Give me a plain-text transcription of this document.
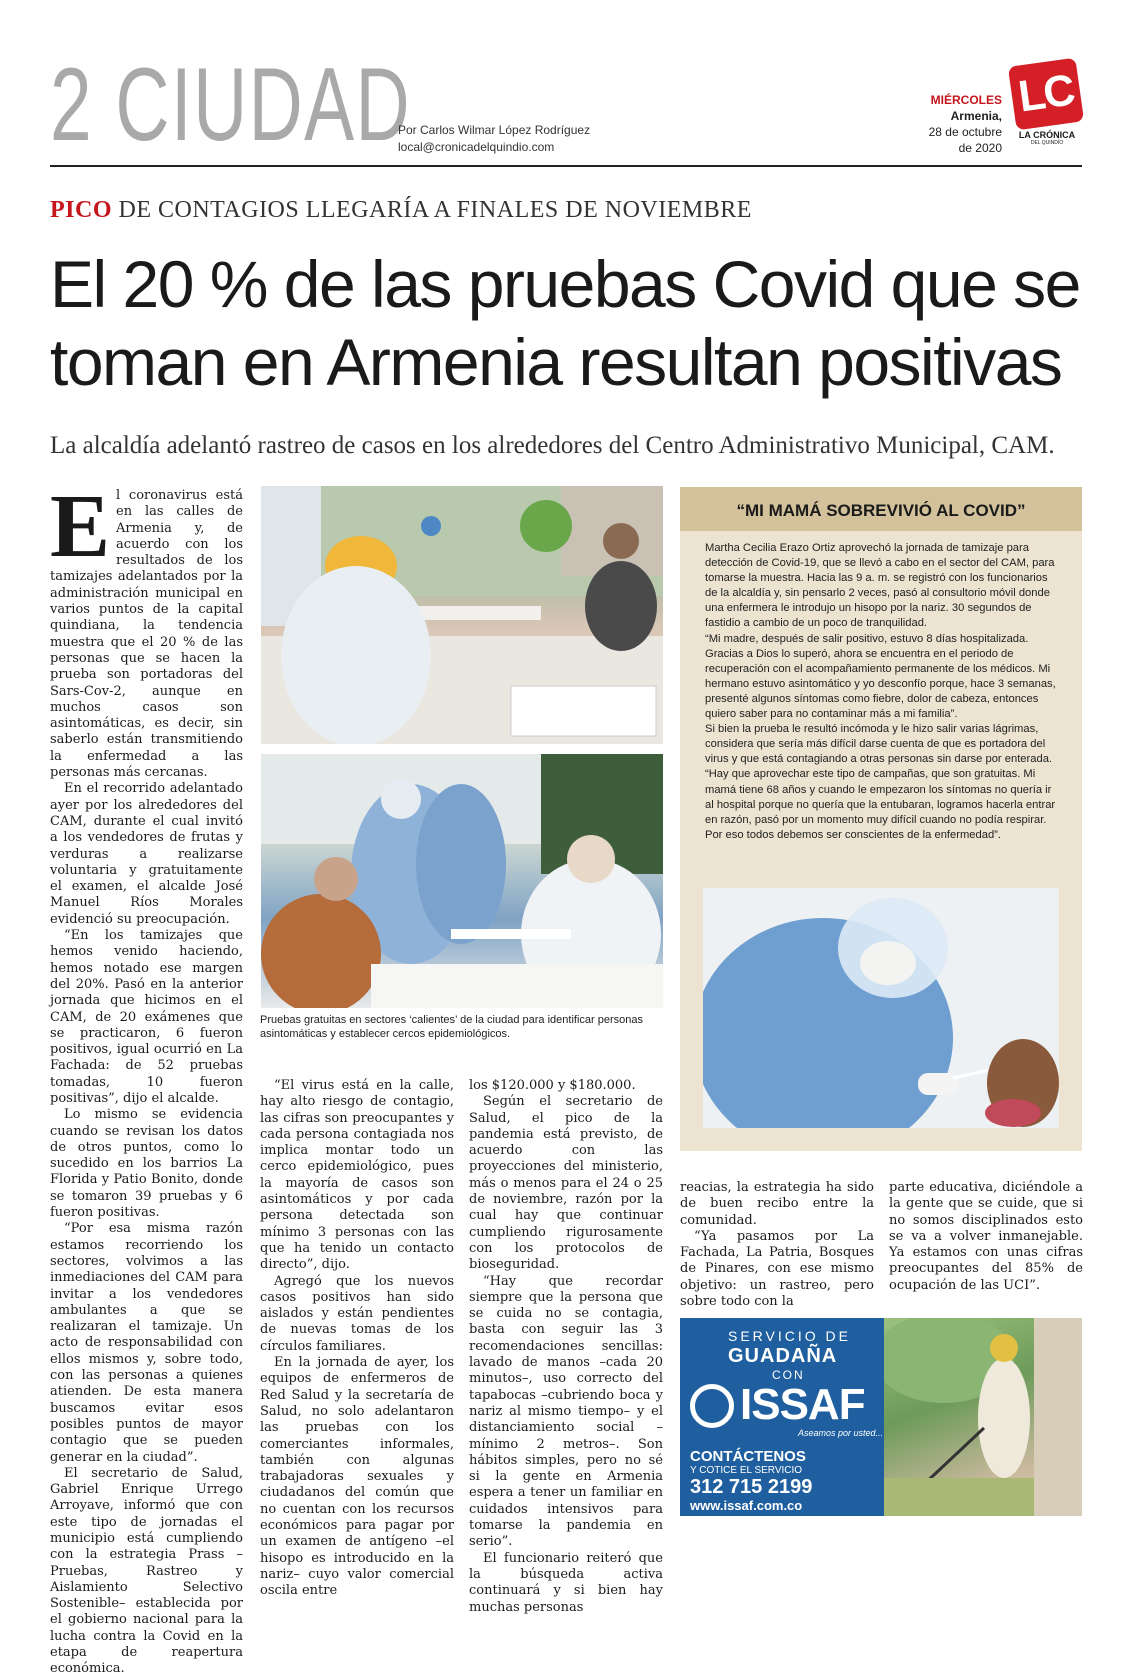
2 CIUDAD
Por Carlos Wilmar López Rodríguez
local@cronicadelquindio.com
MIÉRCOLES
Armenia,
28 de octubre
de 2020
LC
LA CRÓNICA
DEL QUINDÍO
PICO DE CONTAGIOS LLEGARÍA A FINALES DE NOVIEMBRE
El 20 % de las pruebas Covid que se
toman en Armenia resultan positivas
La alcaldía adelantó rastreo de casos en los alrededores del Centro Administrativo Municipal, CAM.
E l coronavirus está en las calles de Armenia y, de acuerdo con los resultados de los tamizajes adelantados por la administración municipal en varios puntos de la capital quindiana, la tendencia muestra que el 20 % de las personas que se hacen la prueba son portadoras del Sars-Cov-2, aunque en muchos casos son asintomáticas, es decir, sin saberlo están transmitiendo la enfermedad a las personas más cercanas.

En el recorrido adelantado ayer por los alrededores del CAM, durante el cual invitó a los vendedores de frutas y verduras a realizarse voluntaria y gratuitamente el examen, el alcalde José Manuel Ríos Morales evidenció su preocupación.

“En los tamizajes que hemos venido haciendo, hemos notado ese margen del 20%. Pasó en la anterior jornada que hicimos en el CAM, de 20 exámenes que se practicaron, 6 fueron positivos, igual ocurrió en La Fachada: de 52 pruebas tomadas, 10 fueron positivas”, dijo el alcalde.

Lo mismo se evidencia cuando se revisan los datos de otros puntos, como lo sucedido en los barrios La Florida y Patio Bonito, donde se tomaron 39 pruebas y 6 fueron positivas.

“Por esa misma razón estamos recorriendo los sectores, volvimos a las inmediaciones del CAM para invitar a los vendedores ambulantes a que se realizaran el tamizaje. Un acto de responsabilidad con ellos mismos y, sobre todo, con las personas a quienes atienden. De esta manera buscamos evitar esos posibles puntos de mayor contagio que se pueden generar en la ciudad”.

El secretario de Salud, Gabriel Enrique Urrego Arroyave, informó que con este tipo de jornadas el municipio está cumpliendo con la estrategia Prass –Pruebas, Rastreo y Aislamiento Selectivo Sostenible– establecida por el gobierno nacional para la lucha contra la Covid en la etapa de reapertura económica.

Pruebas gratuitas en sectores ‘calientes’ de la ciudad para identificar personas asintomáticas y establecer cercos epidemiológicos.
“MI MAMÁ SOBREVIVIÓ AL COVID”

Martha Cecilia Erazo Ortiz aprovechó la jornada de tamizaje para detección de Covid-19, que se llevó a cabo en el sector del CAM, para tomarse la muestra. Hacia las 9 a. m. se registró con los funcionarios de la alcaldía y, sin pensarlo 2 veces, pasó al consultorio móvil donde una enfermera le introdujo un hisopo por la nariz. 30 segundos de fastidio a cambio de un poco de tranquilidad.

“Mi madre, después de salir positivo, estuvo 8 días hospitalizada. Gracias a Dios lo superó, ahora se encuentra en el periodo de recuperación con el acompañamiento permanente de los médicos. Mi hermano estuvo asintomático y yo desconfío porque, hace 3 semanas, presenté algunos síntomas como fiebre, dolor de cabeza, entonces quiero saber para no contaminar más a mi familia”.

Si bien la prueba le resultó incómoda y le hizo salir varias lágrimas, considera que sería más difícil darse cuenta de que es portadora del virus y que está contagiando a otras personas sin darse por enterada.

“Hay que aprovechar este tipo de campañas, que son gratuitas. Mi mamá tiene 68 años y cuando le empezaron los síntomas no quería ir al hospital porque no quería que la entubaran, logramos hacerla entrar en razón, pasó por un momento muy difícil cuando no podía respirar. Por eso todos debemos ser conscientes de la enfermedad”.

“El virus está en la calle, hay alto riesgo de contagio, las cifras son preocupantes y cada persona contagiada nos implica montar todo un cerco epidemiológico, pues la mayoría de casos son asintomáticos y por cada persona detectada son mínimo 3 personas con las que ha tenido un contacto directo”, dijo.

Agregó que los nuevos casos positivos han sido aislados y están pendientes de nuevas tomas de los círculos familiares.

En la jornada de ayer, los equipos de enfermeros de Red Salud y la secretaría de Salud, no solo adelantaron las pruebas con los comerciantes informales, también con algunas trabajadoras sexuales y ciudadanos del común que no cuentan con los recursos económicos para pagar por un examen de antígeno –el hisopo es introducido en la nariz– cuyo valor comercial oscila entre

los $120.000 y $180.000.

Según el secretario de Salud, el pico de la pandemia está previsto, de acuerdo con las proyecciones del ministerio, más o menos para el 24 o 25 de noviembre, razón por la cual hay que continuar cumpliendo rigurosamente con los protocolos de bioseguridad.

“Hay que recordar siempre que la persona que se cuida no se contagia, basta con seguir las 3 recomendaciones sencillas: lavado de manos –cada 20 minutos–, uso correcto del tapabocas –cubriendo boca y nariz al mismo tiempo– y el distanciamiento social –mínimo 2 metros–. Son hábitos simples, pero no sé si la gente en Armenia espera a tener un familiar en cuidados intensivos para tomarse la pandemia en serio”.

El funcionario reiteró que la búsqueda activa continuará y si bien hay muchas personas

reacias, la estrategia ha sido de buen recibo entre la comunidad.

“Ya pasamos por La Fachada, La Patria, Bosques de Pinares, con ese mismo objetivo: un rastreo, pero sobre todo con la

parte educativa, diciéndole a la gente que se cuide, que si no somos disciplinados esto se va a volver inmanejable. Ya estamos con unas cifras preocupantes del 85% de ocupación de las UCI”.

SERVICIO DE
GUADAÑA
CON
ISSAF
Aseamos por usted...
CONTÁCTENOS
Y COTICE EL SERVICIO
312 715 2199
www.issaf.com.co
